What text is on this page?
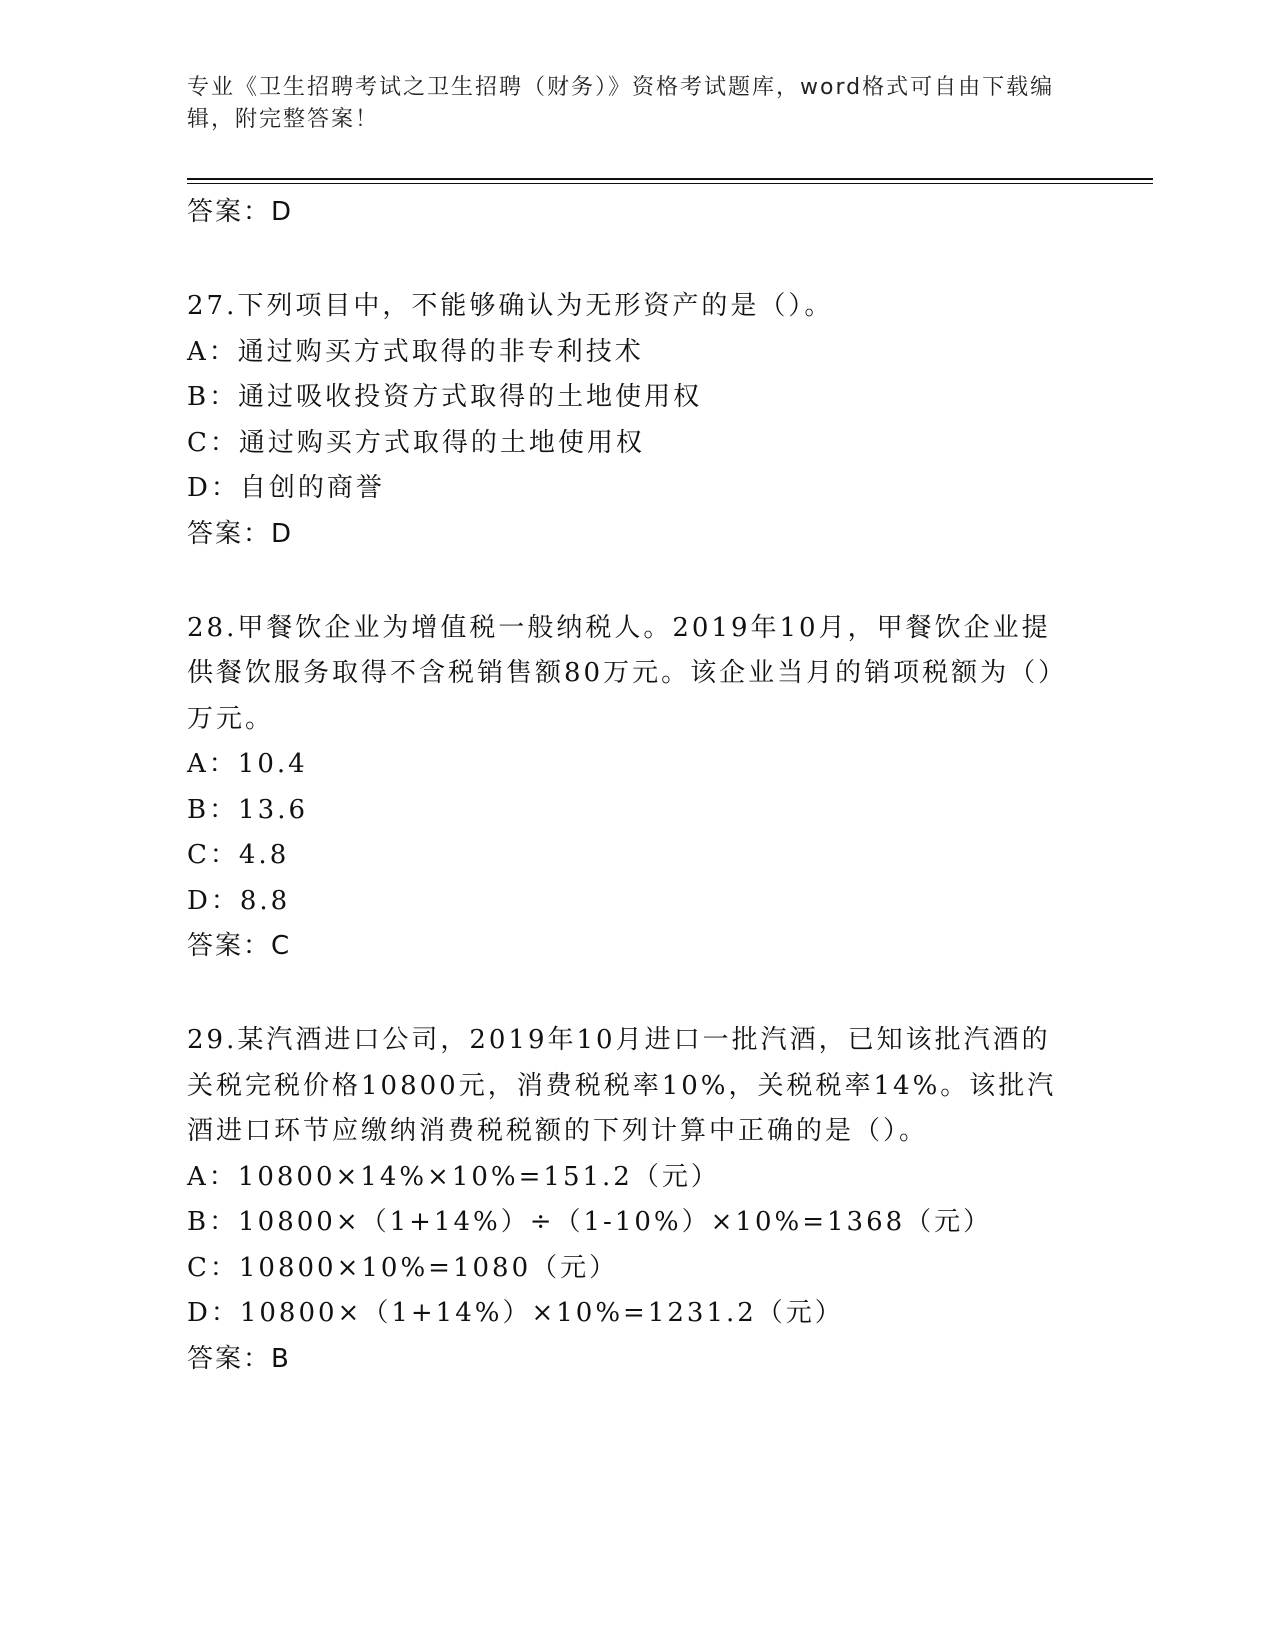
专业《卫生招聘考试之卫生招聘（财务）》资格考试题库，word格式可自由下载编辑，附完整答案！
答案：D
27.下列项目中，不能够确认为无形资产的是（）。
A：通过购买方式取得的非专利技术
B：通过吸收投资方式取得的土地使用权
C：通过购买方式取得的土地使用权
D：自创的商誉
答案：D
28.甲餐饮企业为增值税一般纳税人。2019年10月，甲餐饮企业提供餐饮服务取得不含税销售额80万元。该企业当月的销项税额为（）万元。
A：10.4
B：13.6
C：4.8
D：8.8
答案：C
29.某汽酒进口公司，2019年10月进口一批汽酒，已知该批汽酒的关税完税价格10800元，消费税税率10%，关税税率14%。该批汽酒进口环节应缴纳消费税税额的下列计算中正确的是（）。
A：10800×14%×10%=151.2（元）
B：10800×（1+14%）÷（1-10%）×10%=1368（元）
C：10800×10%=1080（元）
D：10800×（1+14%）×10%=1231.2（元）
答案：B
